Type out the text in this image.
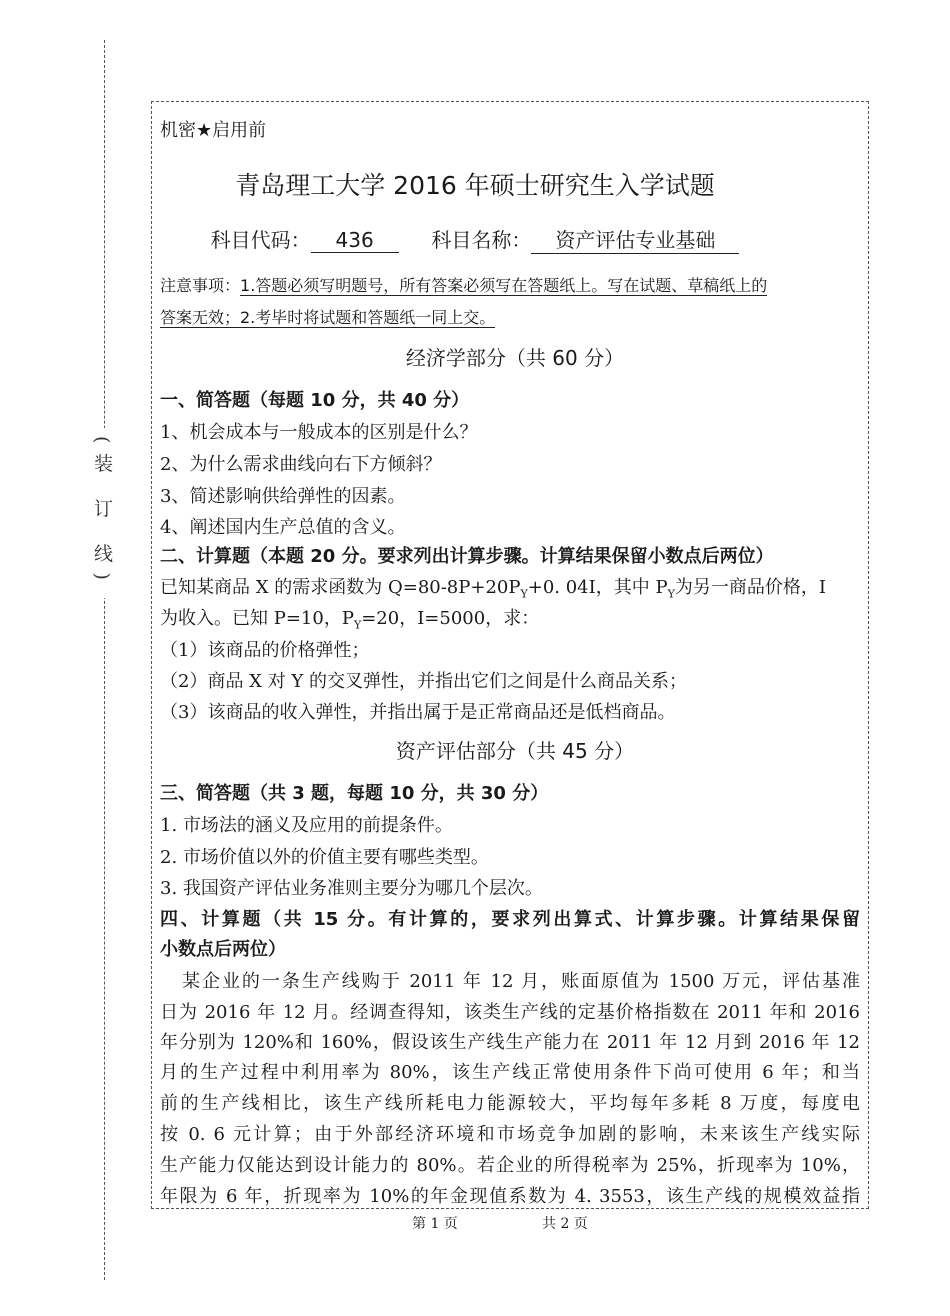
(装 订 线)
机密★启用前
青岛理工大学 2016 年硕士研究生入学试题
科目代码： 436	科目名称： 资产评估专业基础
注意事项：1.答题必须写明题号，所有答案必须写在答题纸上。写在试题、草稿纸上的
答案无效；2.考毕时将试题和答题纸一同上交。
经济学部分（共 60 分）
一、简答题（每题 10 分，共 40 分）
1、机会成本与一般成本的区别是什么？
2、为什么需求曲线向右下方倾斜？
3、简述影响供给弹性的因素。
4、阐述国内生产总值的含义。
二、计算题（本题 20 分。要求列出计算步骤。计算结果保留小数点后两位）
已知某商品 X 的需求函数为 $Q=80-8P+20P_Y+0$. 04I，其中 $P_Y$为另一商品价格，I
为收入。已知 P=10，$P_Y=20$，I=5000，求：
（1）该商品的价格弹性；
（2）商品 X 对 Y 的交叉弹性，并指出它们之间是什么商品关系；
（3）该商品的收入弹性，并指出属于是正常商品还是低档商品。
资产评估部分（共 45 分）
三、简答题（共 3 题，每题 10 分，共 30 分）
1. 市场法的涵义及应用的前提条件。
2. 市场价值以外的价值主要有哪些类型。
3. 我国资产评估业务准则主要分为哪几个层次。
四、计算题（共 15 分。有计算的，要求列出算式、计算步骤。计算结果保留
小数点后两位）
某企业的一条生产线购于 2011 年 12 月，账面原值为 1500 万元，评估基准
日为 2016 年 12 月。经调查得知，该类生产线的定基价格指数在 2011 年和 2016
年分别为 120%和 160%，假设该生产线生产能力在 2011 年 12 月到 2016 年 12
月的生产过程中利用率为 80%，该生产线正常使用条件下尚可使用 6 年；和当
前的生产线相比，该生产线所耗电力能源较大，平均每年多耗 8 万度，每度电
按 0. 6 元计算；由于外部经济环境和市场竞争加剧的影响，未来该生产线实际
生产能力仅能达到设计能力的 80%。若企业的所得税率为 25%，折现率为 10%，
年限为 6 年，折现率为 10%的年金现值系数为 4. 3553，该生产线的规模效益指
第 1 页	共 2 页
